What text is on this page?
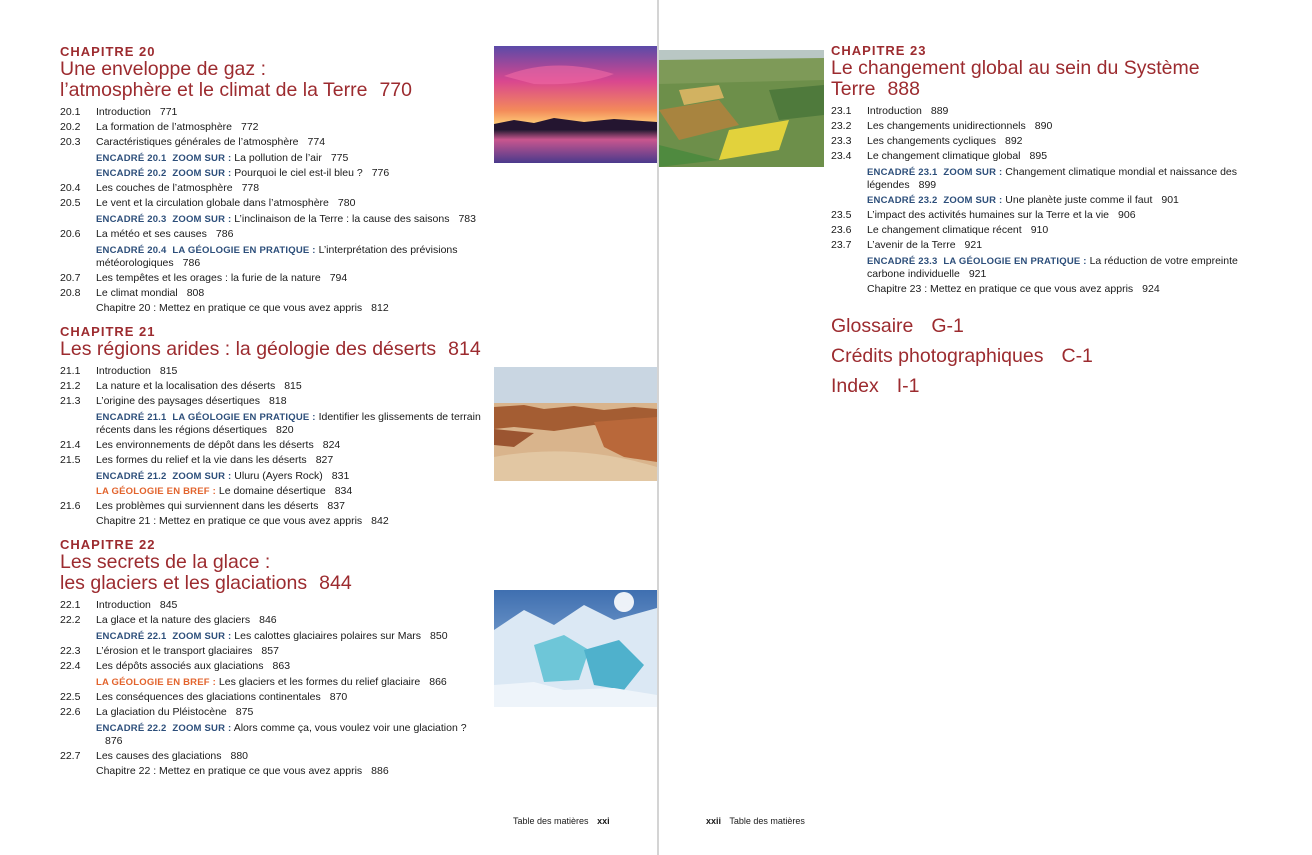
CHAPITRE 20
Une enveloppe de gaz :
l’atmosphère et le climat de la Terre 770
20.1	Introduction 771
20.2	La formation de l’atmosphère 772
20.3	Caractéristiques générales de l’atmosphère 774
ENCADRÉ 20.1 ZOOM SUR : La pollution de l’air 775
ENCADRÉ 20.2 ZOOM SUR : Pourquoi le ciel est-il bleu ? 776
20.4	Les couches de l’atmosphère 778
20.5	Le vent et la circulation globale dans l’atmosphère 780
ENCADRÉ 20.3 ZOOM SUR : L’inclinaison de la Terre : la cause des saisons 783
20.6	La météo et ses causes 786
ENCADRÉ 20.4 LA GÉOLOGIE EN PRATIQUE : L’interprétation des prévisions météorologiques 786
20.7	Les tempêtes et les orages : la furie de la nature 794
20.8	Le climat mondial 808
Chapitre 20 : Mettez en pratique ce que vous avez appris 812
CHAPITRE 21
Les régions arides : la géologie des déserts 814
21.1	Introduction 815
21.2	La nature et la localisation des déserts 815
21.3	L’origine des paysages désertiques 818
ENCADRÉ 21.1 LA GÉOLOGIE EN PRATIQUE : Identifier les glissements de terrain récents dans les régions désertiques 820
21.4	Les environnements de dépôt dans les déserts 824
21.5	Les formes du relief et la vie dans les déserts 827
ENCADRÉ 21.2 ZOOM SUR : Uluru (Ayers Rock) 831
LA GÉOLOGIE EN BREF : Le domaine désertique 834
21.6	Les problèmes qui surviennent dans les déserts 837
Chapitre 21 : Mettez en pratique ce que vous avez appris 842
CHAPITRE 22
Les secrets de la glace :
les glaciers et les glaciations 844
22.1	Introduction 845
22.2	La glace et la nature des glaciers 846
ENCADRÉ 22.1 ZOOM SUR : Les calottes glaciaires polaires sur Mars 850
22.3	L’érosion et le transport glaciaires 857
22.4	Les dépôts associés aux glaciations 863
LA GÉOLOGIE EN BREF : Les glaciers et les formes du relief glaciaire 866
22.5	Les conséquences des glaciations continentales 870
22.6	La glaciation du Pléistocène 875
ENCADRÉ 22.2 ZOOM SUR : Alors comme ça, vous voulez voir une glaciation ?876
22.7	Les causes des glaciations 880
Chapitre 22 : Mettez en pratique ce que vous avez appris 886
CHAPITRE 23
Le changement global au sein du Système
Terre 888
23.1	Introduction 889
23.2	Les changements unidirectionnels 890
23.3	Les changements cycliques 892
23.4	Le changement climatique global 895
ENCADRÉ 23.1 ZOOM SUR : Changement climatique mondial et naissance des légendes 899
ENCADRÉ 23.2 ZOOM SUR : Une planète juste comme il faut 901
23.5	L’impact des activités humaines sur la Terre et la vie 906
23.6	Le changement climatique récent 910
23.7	L’avenir de la Terre 921
ENCADRÉ 23.3 LA GÉOLOGIE EN PRATIQUE : La réduction de votre empreinte carbone individuelle 921
Chapitre 23 : Mettez en pratique ce que vous avez appris 924
Glossaire G-1
Crédits photographiques C-1
Index I-1
Table des matières xxi	xxii Table des matières
